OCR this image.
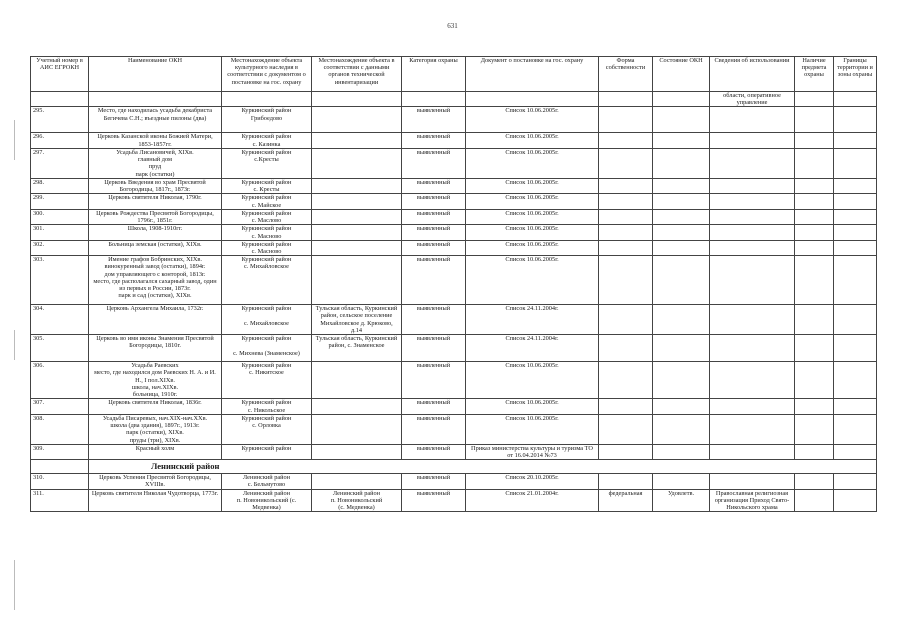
631
Учетный номер в АИС ЕГРОКН	Наименование ОКН	Местонахождение объекта культурного наследия в соответствии с документом о постановке на гос. охрану	Местонахождение объекта в соответствии с данными органов технической инвентаризации	Категория охраны	Документ о постановке на гос. охрану	Форма собственности	Состояние ОКН	Сведения об использовании	Наличие предмета охраны	Границы территории и зоны охраны
								области, оперативное управление		
295.	Место, где находилась усадьба декабриста Бегичева С.Н.; въездные пилоны (два)	Куркинский район
Грибоедово		выявленный	Список 10.06.2005г.					
296.	Церковь Казанской иконы Божией Матери, 1853-1857гг.	Куркинский район
с. Казинка		выявленный	Список 10.06.2005г.					
297.	Усадьба Лисановичей, XIXв.
главный дом
пруд
парк (остатки)	Куркинский район
с.Кресты		выявленный	Список 10.06.2005г.					
298.	Церковь Введения во храм Пресвятой Богородицы, 1817г., 1873г.	Куркинский район
с. Кресты		выявленный	Список 10.06.2005г.					
299.	Церковь святителя Николая, 1790г.	Куркинский район
с. Майское		выявленный	Список 10.06.2005г.					
300.	Церковь Рождества Пресвятой Богородицы, 1796г., 1851г.	Куркинский район
с. Маслово		выявленный	Список 10.06.2005г.					
301.	Школа, 1908-1910гг.	Куркинский район
с. Масново		выявленный	Список 10.06.2005г.					
302.	Больница земская (остатки), XIXв.	Куркинский район
с. Масново		выявленный	Список 10.06.2005г.					
303.	Имение графов Бобринских, XIXв.
винокуренный завод (остатки), 1894г.
дом управляющего с конторой, 1813г.
место, где располагался сахарный завод, один из первых в России, 1873г.
парк и сад (остатки), XIXв.	Куркинский район
с. Михайловское		выявленный	Список 10.06.2005г.					
304.	Церковь Архангела Михаила, 1732г.	Куркинский район

с. Михайловское	Тульская область, Куркинский район, сельское поселение Михайловское д. Крюково, д.14	выявленный	Список 24.11.2004г.					
305.	Церковь во имя иконы Знамения Пресвятой Богородицы, 1810г.	Куркинский район

с. Михнева (Знаменское)	Тульская область, Куркинский район, с. Знаменское	выявленный	Список 24.11.2004г.					
306.	Усадьба Раевских
место, где находился дом Раевских Н. А. и И. Н., I пол.XIXв.
школа, нач.XIXв.
больница, 1910г.	Куркинский район
с. Никитское		выявленный	Список 10.06.2005г.					
307.	Церковь святителя Николая, 1836г.	Куркинский район
с. Никольское		выявленный	Список 10.06.2005г.					
308.	Усадьба Писаревых, нач.XIX-нач.XXв.
школа (два здания), 1897г., 1913г.
парк (остатки), XIXв.
пруды (три), XIXв.	Куркинский район
с. Орловка		выявленный	Список 10.06.2005г.					
309.	Красный холм	Куркинский район		выявленный	Приказ министерства культуры и туризма ТО от 16.04.2014 №73					
	Ленинский район									
310.	Церковь Успения Пресвятой Богородицы, XVIIIв.	Ленинский район
с. Бельмутово		выявленный	Список 20.10.2005г.					
311.	Церковь святителя Николая Чудотворца, 1773г.	Ленинский район
п. Новоникольский (с. Медвенка)	Ленинский район
п. Новоникольский
(с. Медвенка)	выявленный	Список 21.01.2004г.	федеральная	Удовлетв.	Православная религиозная организация Приход Свято-Никольского храма		
